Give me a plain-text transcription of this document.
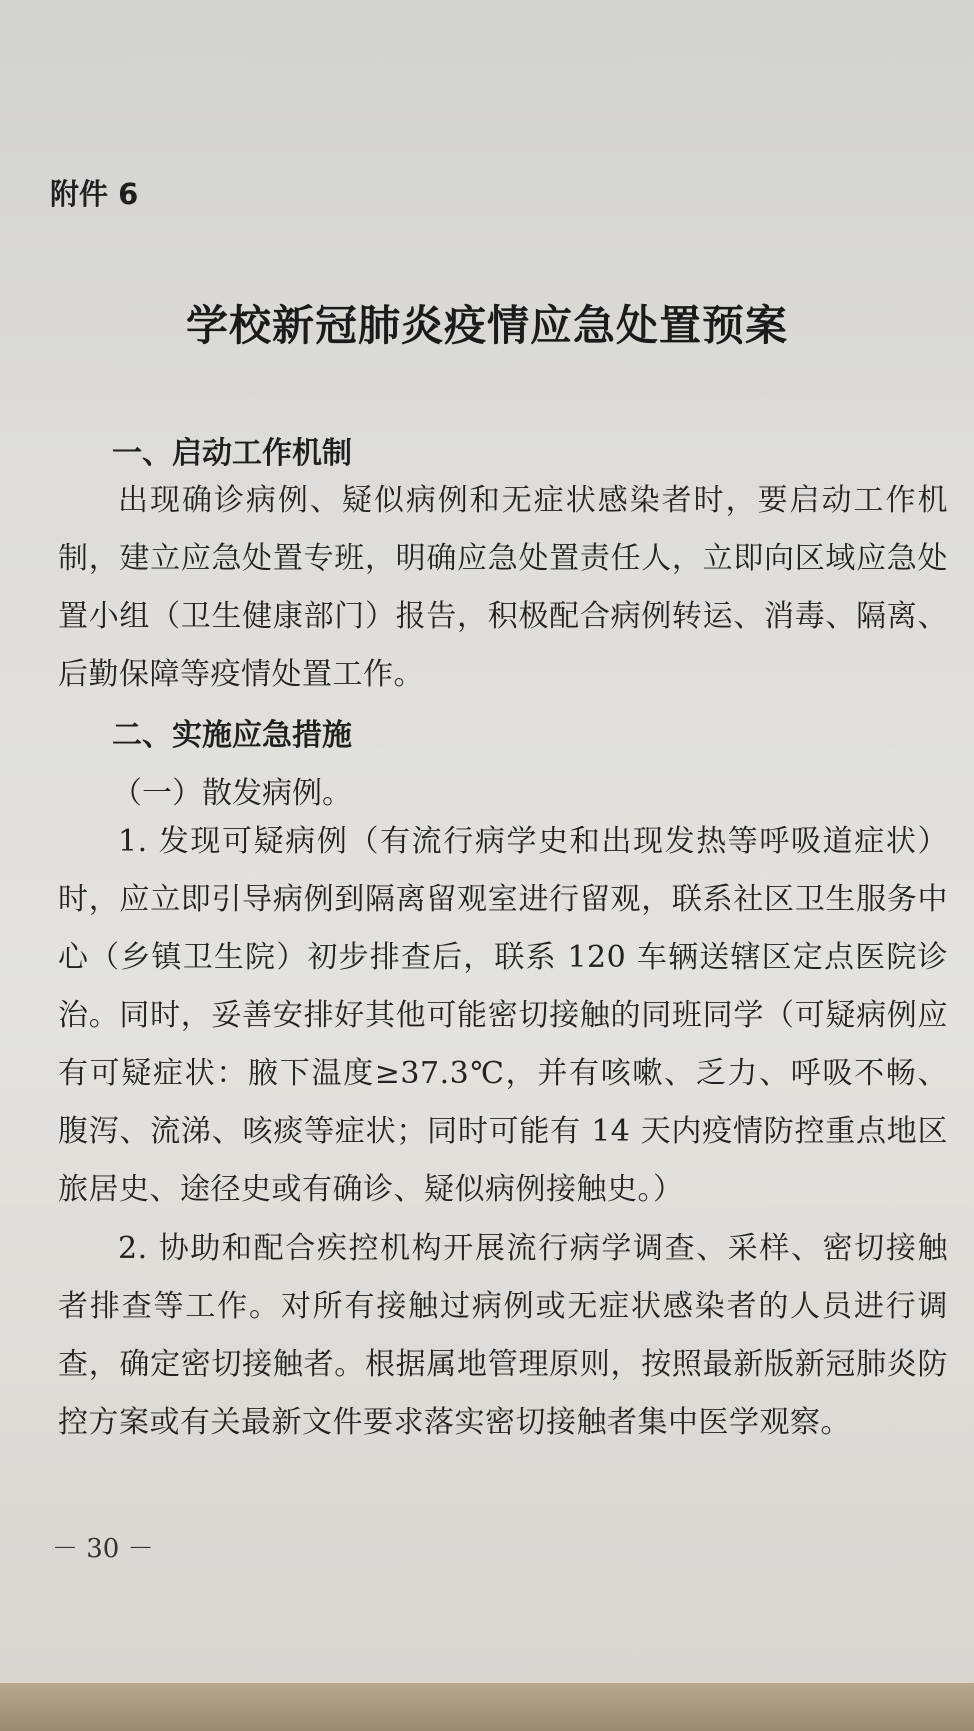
附件 6

学校新冠肺炎疫情应急处置预案
一、启动工作机制

出现确诊病例、疑似病例和无症状感染者时，要启动工作机制，建立应急处置专班，明确应急处置责任人，立即向区域应急处置小组（卫生健康部门）报告，积极配合病例转运、消毒、隔离、后勤保障等疫情处置工作。

二、实施应急措施

（一）散发病例。

1. 发现可疑病例（有流行病学史和出现发热等呼吸道症状）时，应立即引导病例到隔离留观室进行留观，联系社区卫生服务中心（乡镇卫生院）初步排查后，联系 120 车辆送辖区定点医院诊治。同时，妥善安排好其他可能密切接触的同班同学（可疑病例应有可疑症状：腋下温度≥37.3℃，并有咳嗽、乏力、呼吸不畅、腹泻、流涕、咳痰等症状；同时可能有 14 天内疫情防控重点地区旅居史、途径史或有确诊、疑似病例接触史。）

2. 协助和配合疾控机构开展流行病学调查、采样、密切接触者排查等工作。对所有接触过病例或无症状感染者的人员进行调查，确定密切接触者。根据属地管理原则，按照最新版新冠肺炎防控方案或有关最新文件要求落实密切接触者集中医学观察。

－ 30 －
